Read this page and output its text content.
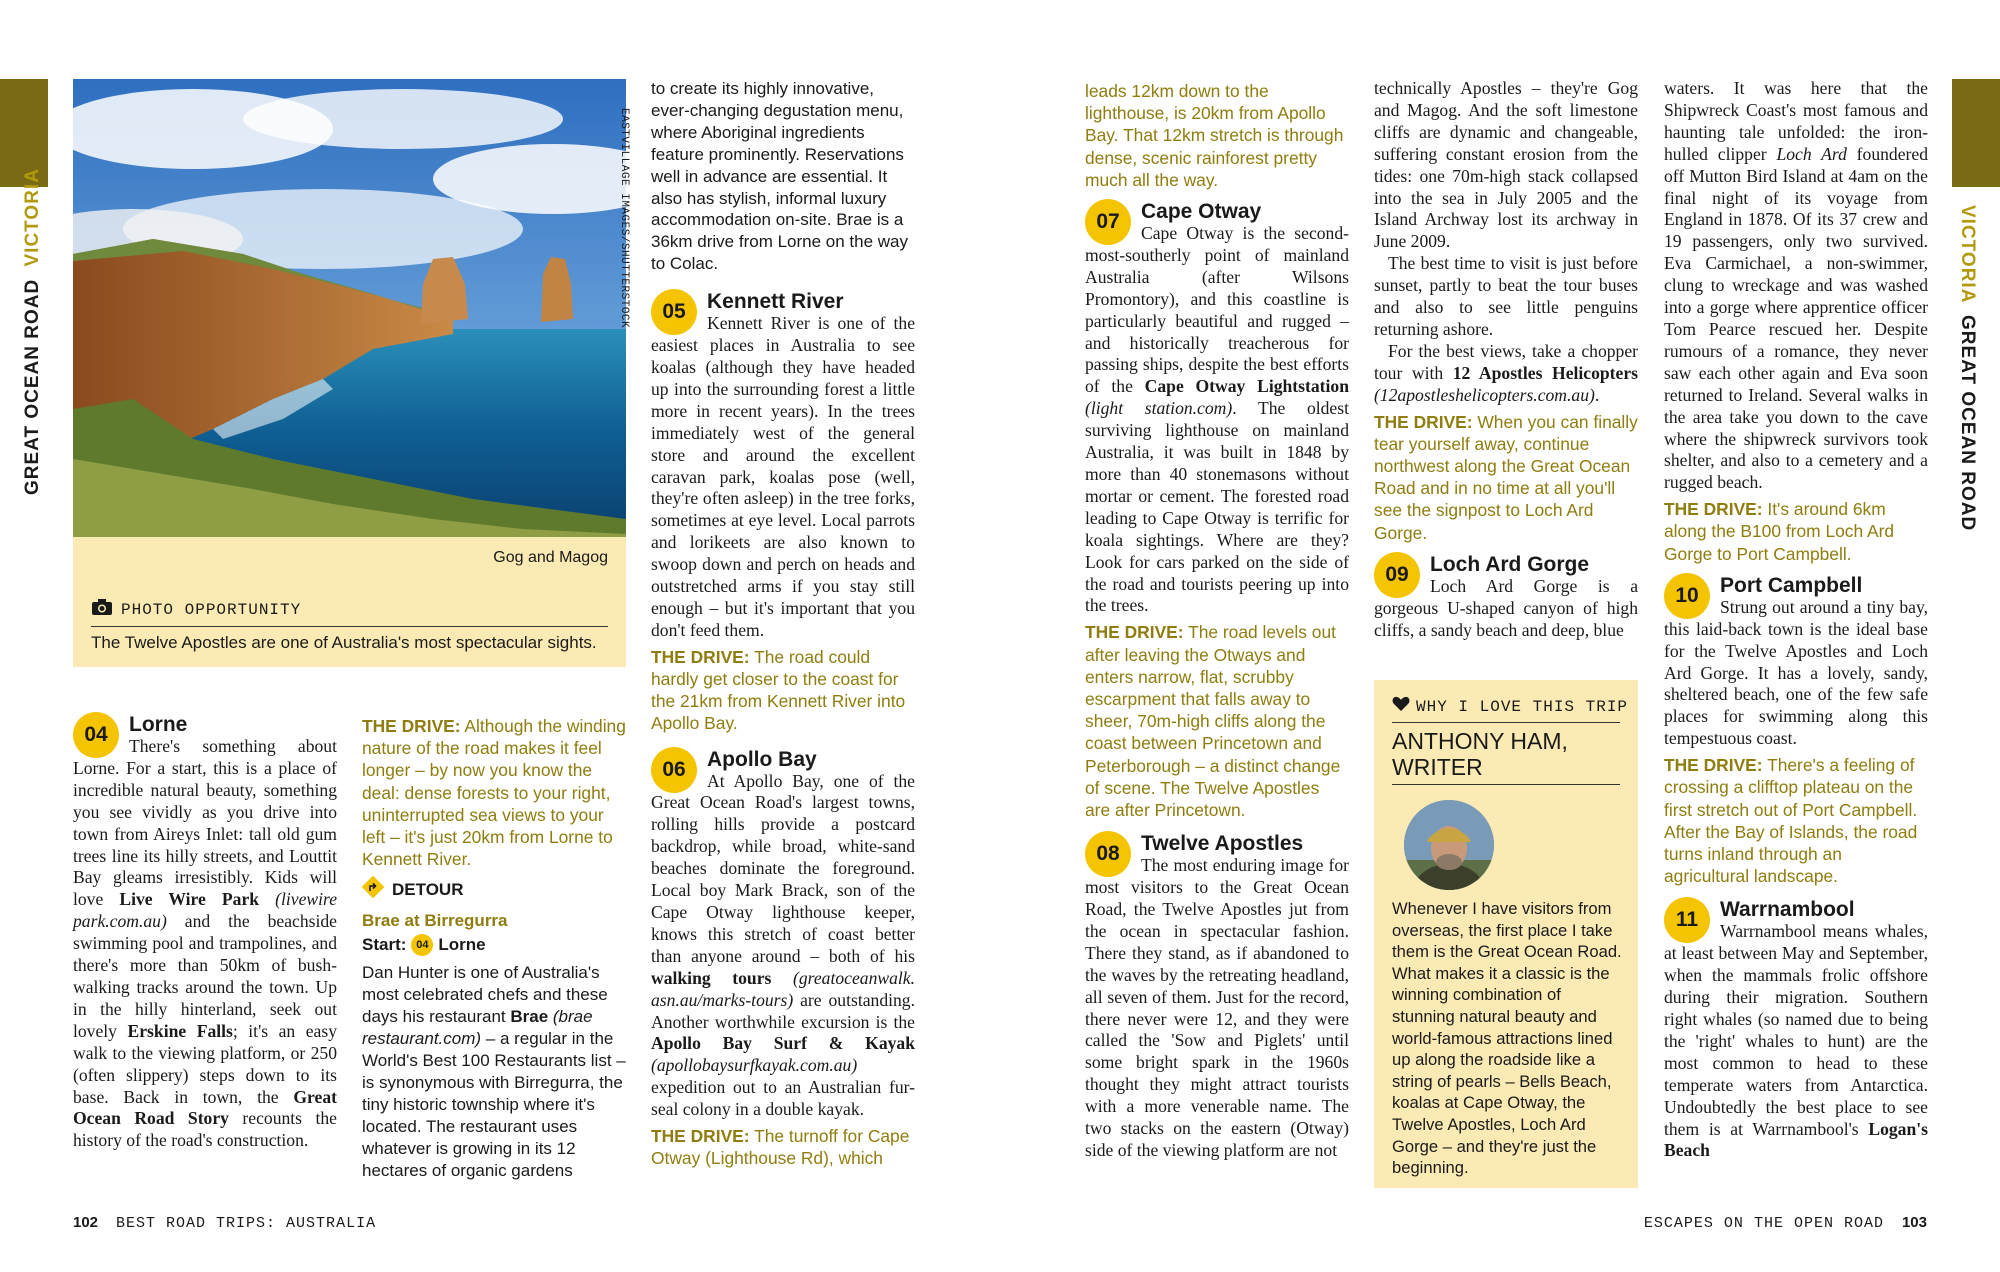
GREAT OCEAN ROAD VICTORIA	VICTORIA GREAT OCEAN ROAD
EASTVILLAGE IMAGES/SHUTTERSTOCK
Gog and Magog
PHOTO OPPORTUNITY
The Twelve Apostles are one of Australia's most spectacular sights.
04	Lorne

There's something about Lorne. For a start, this is a place of incredible natural beauty, something you see vividly as you drive into town from Aireys Inlet: tall old gum trees line its hilly streets, and Louttit Bay gleams irresistibly. Kids will love Live Wire Park (livewire park.com.au) and the beachside swimming pool and trampolines, and there's more than 50km of bush-walking tracks around the town. Up in the hilly hinterland, seek out lovely Erskine Falls; it's an easy walk to the viewing platform, or 250 (often slippery) steps down to its base. Back in town, the Great Ocean Road Story recounts the history of the road's construction.

THE DRIVE: Although the winding nature of the road makes it feel longer – by now you know the deal: dense forests to your right, uninterrupted sea views to your left – it's just 20km from Lorne to Kennett River.

DETOUR
Brae at Birregurra
Start: 04 Lorne
Dan Hunter is one of Australia's most celebrated chefs and these days his restaurant Brae (brae restaurant.com) – a regular in the World's Best 100 Restaurants list – is synonymous with Birregurra, the tiny historic township where it's located. The restaurant uses whatever is growing in its 12 hectares of organic gardens
to create its highly innovative, ever-changing degustation menu, where Aboriginal ingredients feature prominently. Reservations well in advance are essential. It also has stylish, informal luxury accommodation on-site. Brae is a 36km drive from Lorne on the way to Colac.
05	Kennett River

Kennett River is one of the easiest places in Australia to see koalas (although they have headed up into the surrounding forest a little more in recent years). In the trees immediately west of the general store and around the excellent caravan park, koalas pose (well, they're often asleep) in the tree forks, sometimes at eye level. Local parrots and lorikeets are also known to swoop down and perch on heads and outstretched arms if you stay still enough – but it's important that you don't feed them.

THE DRIVE: The road could hardly get closer to the coast for the 21km from Kennett River into Apollo Bay.

06	Apollo Bay

At Apollo Bay, one of the Great Ocean Road's largest towns, rolling hills provide a postcard backdrop, while broad, white-sand beaches dominate the foreground. Local boy Mark Brack, son of the Cape Otway lighthouse keeper, knows this stretch of coast better than anyone around – both of his walking tours (greatoceanwalk. asn.au/marks-tours) are outstanding. Another worthwhile excursion is the Apollo Bay Surf & Kayak (apollobaysurfkayak.com.au) expedition out to an Australian fur-seal colony in a double kayak.

THE DRIVE: The turnoff for Cape Otway (Lighthouse Rd), which

leads 12km down to the lighthouse, is 20km from Apollo Bay. That 12km stretch is through dense, scenic rainforest pretty much all the way.

07	Cape Otway

Cape Otway is the second-most-southerly point of mainland Australia (after Wilsons Promontory), and this coastline is particularly beautiful and rugged – and historically treacherous for passing ships, despite the best efforts of the Cape Otway Lightstation (light station.com). The oldest surviving lighthouse on mainland Australia, it was built in 1848 by more than 40 stonemasons without mortar or cement. The forested road leading to Cape Otway is terrific for koala sightings. Where are they? Look for cars parked on the side of the road and tourists peering up into the trees.

THE DRIVE: The road levels out after leaving the Otways and enters narrow, flat, scrubby escarpment that falls away to sheer, 70m-high cliffs along the coast between Princetown and Peterborough – a distinct change of scene. The Twelve Apostles are after Princetown.

08	Twelve Apostles

The most enduring image for most visitors to the Great Ocean Road, the Twelve Apostles jut from the ocean in spectacular fashion. There they stand, as if abandoned to the waves by the retreating headland, all seven of them. Just for the record, there never were 12, and they were called the 'Sow and Piglets' until some bright spark in the 1960s thought they might attract tourists with a more venerable name. The two stacks on the eastern (Otway) side of the viewing platform are not

technically Apostles – they're Gog and Magog. And the soft limestone cliffs are dynamic and changeable, suffering constant erosion from the tides: one 70m-high stack collapsed into the sea in July 2005 and the Island Archway lost its archway in June 2009.

The best time to visit is just before sunset, partly to beat the tour buses and also to see little penguins returning ashore.

For the best views, take a chopper tour with 12 Apostles Helicopters (12apostleshelicopters.com.au).

THE DRIVE: When you can finally tear yourself away, continue northwest along the Great Ocean Road and in no time at all you'll see the signpost to Loch Ard Gorge.

09	Loch Ard Gorge

Loch Ard Gorge is a gorgeous U-shaped canyon of high cliffs, a sandy beach and deep, blue

WHY I LOVE THIS TRIP
ANTHONY HAM, WRITER
Whenever I have visitors from overseas, the first place I take them is the Great Ocean Road. What makes it a classic is the winning combination of stunning natural beauty and world-famous attractions lined up along the roadside like a string of pearls – Bells Beach, koalas at Cape Otway, the Twelve Apostles, Loch Ard Gorge – and they're just the beginning.

waters. It was here that the Shipwreck Coast's most famous and haunting tale unfolded: the iron-hulled clipper Loch Ard foundered off Mutton Bird Island at 4am on the final night of its voyage from England in 1878. Of its 37 crew and 19 passengers, only two survived. Eva Carmichael, a non-swimmer, clung to wreckage and was washed into a gorge where apprentice officer Tom Pearce rescued her. Despite rumours of a romance, they never saw each other again and Eva soon returned to Ireland. Several walks in the area take you down to the cave where the shipwreck survivors took shelter, and also to a cemetery and a rugged beach.

THE DRIVE: It's around 6km along the B100 from Loch Ard Gorge to Port Campbell.

10	Port Campbell

Strung out around a tiny bay, this laid-back town is the ideal base for the Twelve Apostles and Loch Ard Gorge. It has a lovely, sandy, sheltered beach, one of the few safe places for swimming along this tempestuous coast.

THE DRIVE: There's a feeling of crossing a clifftop plateau on the first stretch out of Port Campbell. After the Bay of Islands, the road turns inland through an agricultural landscape.

11	Warrnambool

Warrnambool means whales, at least between May and September, when the mammals frolic offshore during their migration. Southern right whales (so named due to being the 'right' whales to hunt) are the most common to head to these temperate waters from Antarctica. Undoubtedly the best place to see them is at Warrnambool's Logan's Beach

102 BEST ROAD TRIPS: AUSTRALIA	ESCAPES ON THE OPEN ROAD 103
